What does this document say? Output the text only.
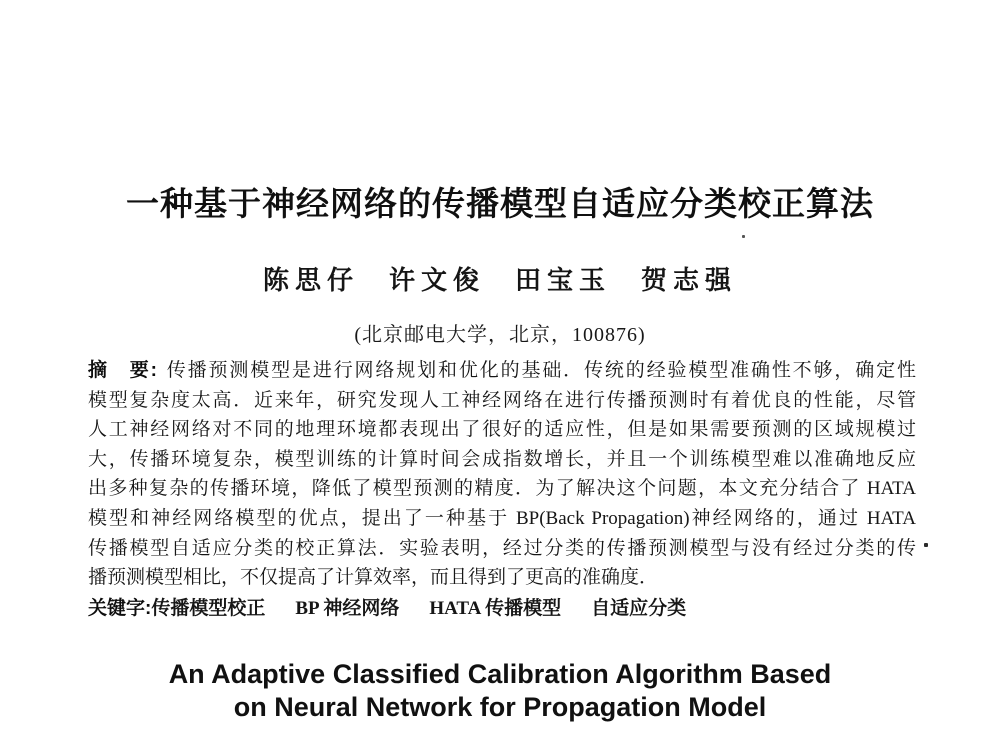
一种基于神经网络的传播模型自适应分类校正算法
陈思仔 许文俊 田宝玉 贺志强
(北京邮电大学，北京，100876)
摘　要: 传播预测模型是进行网络规划和优化的基础．传统的经验模型准确性不够，确定性
模型复杂度太高．近来年，研究发现人工神经网络在进行传播预测时有着优良的性能，尽管
人工神经网络对不同的地理环境都表现出了很好的适应性，但是如果需要预测的区域规模过
大，传播环境复杂，模型训练的计算时间会成指数增长，并且一个训练模型难以准确地反应
出多种复杂的传播环境，降低了模型预测的精度．为了解决这个问题，本文充分结合了 HATA
模型和神经网络模型的优点，提出了一种基于 BP(Back Propagation)神经网络的，通过 HATA
传播模型自适应分类的校正算法．实验表明，经过分类的传播预测模型与没有经过分类的传
播预测模型相比，不仅提高了计算效率，而且得到了更高的准确度．
关键字:传播模型校正 BP 神经网络 HATA 传播模型 自适应分类
An Adaptive Classified Calibration Algorithm Based
on Neural Network for Propagation Model
